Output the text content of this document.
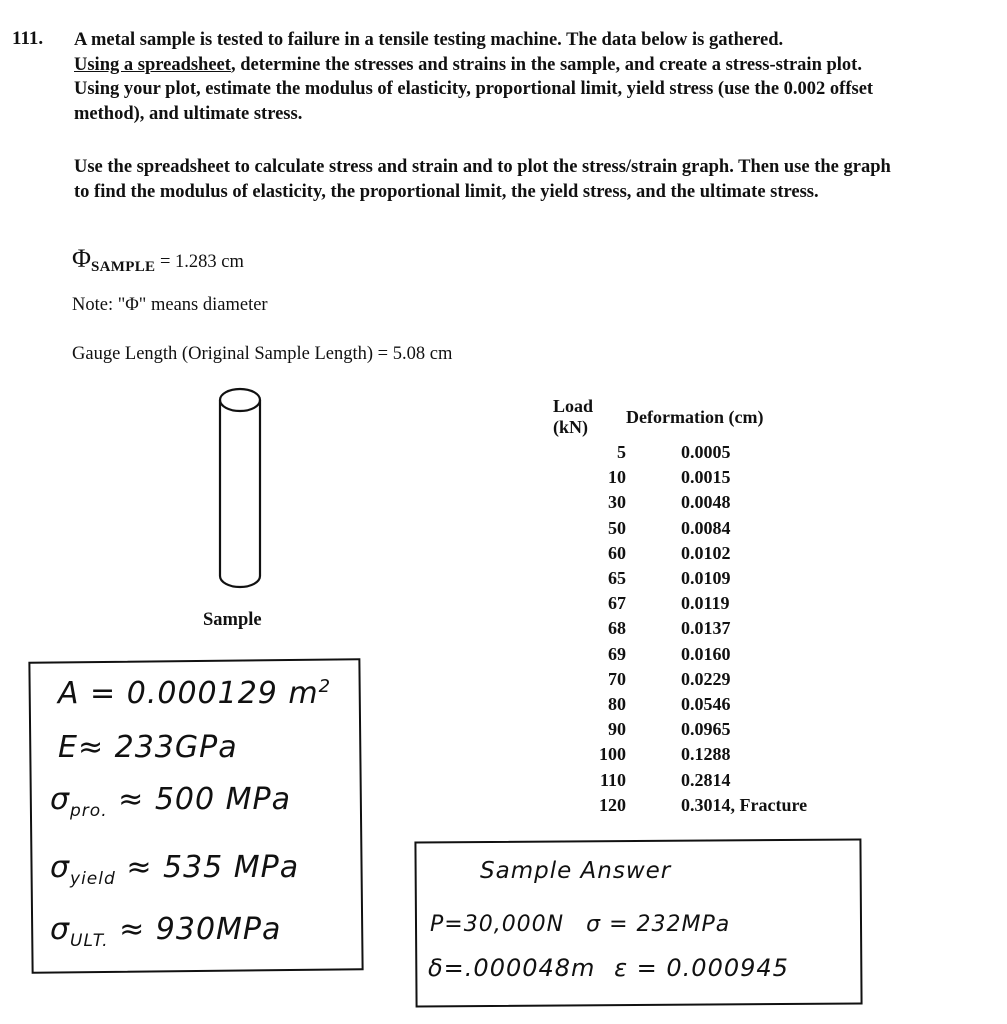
111. A metal sample is tested to failure in a tensile testing machine. The data below is gathered.
Using a spreadsheet, determine the stresses and strains in the sample, and create a stress-strain plot.
Using your plot, estimate the modulus of elasticity, proportional limit, yield stress (use the 0.002 offset
method), and ultimate stress.
Use the spreadsheet to calculate stress and strain and to plot the stress/strain graph. Then use the graph
to find the modulus of elasticity, the proportional limit, the yield stress, and the ultimate stress.
$\Phi_{SAMPLE} = 1.283$ cm
Note: "Φ" means diameter
Gauge Length (Original Sample Length) = 5.08 cm
Sample
Load (kN)	Deformation (cm)
5	0.0005
10	0.0015
30	0.0048
50	0.0084
60	0.0102
65	0.0109
67	0.0119
68	0.0137
69	0.0160
70	0.0229
80	0.0546
90	0.0965
100	0.1288
110	0.2814
120	0.3014, Fracture
A = 0.000129 $m^2$
E≈ 233GPa
$\sigma_{pro.} \approx 500$ MPa
$\sigma_{yield} \approx 535$ MPa
$\sigma_{ULT.} \approx 930MPa$
Sample Answer
P=30,000N σ = 232MPa
δ=.000048m ε = 0.000945
